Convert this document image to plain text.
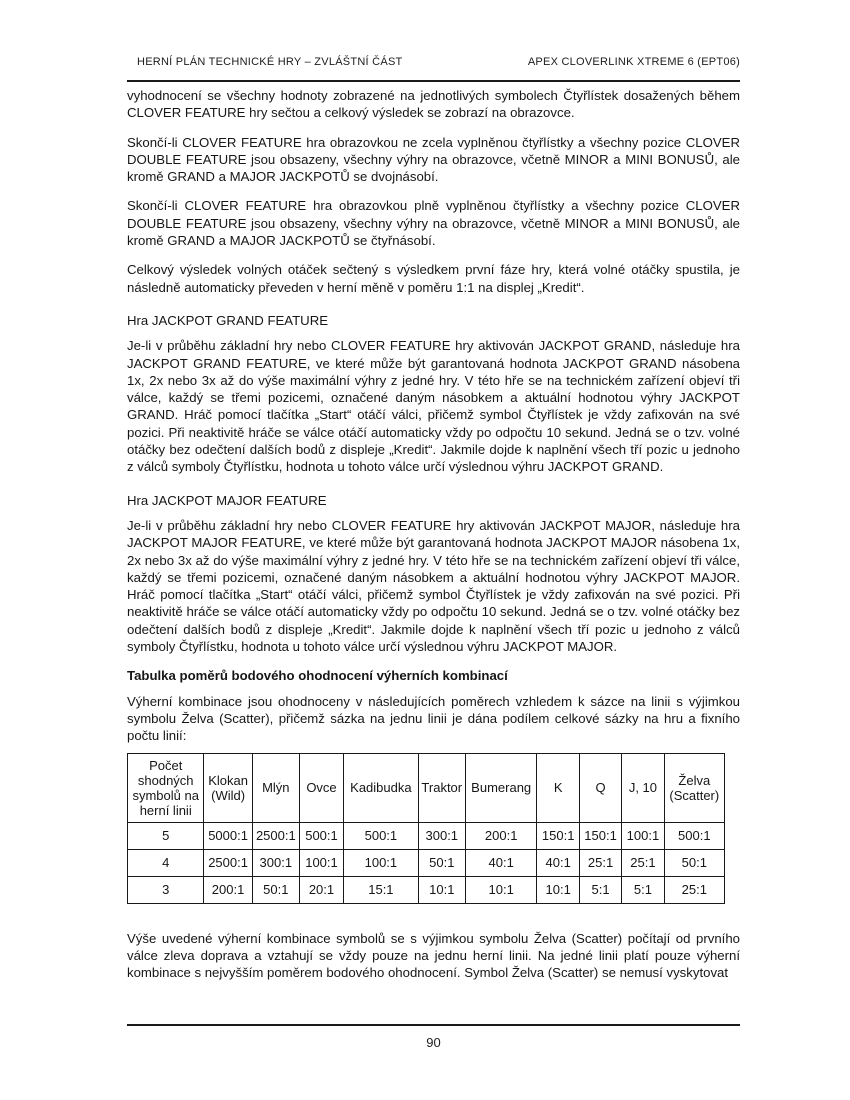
HERNÍ PLÁN TECHNICKÉ HRY – ZVLÁŠTNÍ ČÁST	APEX CLOVERLINK XTREME 6 (EPT06)

vyhodnocení se všechny hodnoty zobrazené na jednotlivých symbolech Čtyřlístek dosažených během CLOVER FEATURE hry sečtou a celkový výsledek se zobrazí na obrazovce.

Skončí-li CLOVER FEATURE hra obrazovkou ne zcela vyplněnou čtyřlístky a všechny pozice CLOVER DOUBLE FEATURE jsou obsazeny, všechny výhry na obrazovce, včetně MINOR a MINI BONUSŮ, ale kromě GRAND a MAJOR JACKPOTŮ se dvojnásobí.

Skončí-li CLOVER FEATURE hra obrazovkou plně vyplněnou čtyřlístky a všechny pozice CLOVER DOUBLE FEATURE jsou obsazeny, všechny výhry na obrazovce, včetně MINOR a MINI BONUSŮ, ale kromě GRAND a MAJOR JACKPOTŮ se čtyřnásobí.

Celkový výsledek volných otáček sečtený s výsledkem první fáze hry, která volné otáčky spustila, je následně automaticky převeden v herní měně v poměru 1:1 na displej „Kredit“.

Hra JACKPOT GRAND FEATURE

Je-li v průběhu základní hry nebo CLOVER FEATURE hry aktivován JACKPOT GRAND, následuje hra JACKPOT GRAND FEATURE, ve které může být garantovaná hodnota JACKPOT GRAND násobena 1x, 2x nebo 3x až do výše maximální výhry z jedné hry. V této hře se na technickém zařízení objeví tři válce, každý se třemi pozicemi, označené daným násobkem a aktuální hodnotou výhry JACKPOT GRAND. Hráč pomocí tlačítka „Start“ otáčí válci, přičemž symbol Čtyřlístek je vždy zafixován na své pozici. Při neaktivitě hráče se válce otáčí automaticky vždy po odpočtu 10 sekund. Jedná se o tzv. volné otáčky bez odečtení dalších bodů z displeje „Kredit“. Jakmile dojde k naplnění všech tří pozic u jednoho z válců symboly Čtyřlístku, hodnota u tohoto válce určí výslednou výhru JACKPOT GRAND.

Hra JACKPOT MAJOR FEATURE

Je-li v průběhu základní hry nebo CLOVER FEATURE hry aktivován JACKPOT MAJOR, následuje hra JACKPOT MAJOR FEATURE, ve které může být garantovaná hodnota JACKPOT MAJOR násobena 1x, 2x nebo 3x až do výše maximální výhry z jedné hry. V této hře se na technickém zařízení objeví tři válce, každý se třemi pozicemi, označené daným násobkem a aktuální hodnotou výhry JACKPOT MAJOR. Hráč pomocí tlačítka „Start“ otáčí válci, přičemž symbol Čtyřlístek je vždy zafixován na své pozici. Při neaktivitě hráče se válce otáčí automaticky vždy po odpočtu 10 sekund. Jedná se o tzv. volné otáčky bez odečtení dalších bodů z displeje „Kredit“. Jakmile dojde k naplnění všech tří pozic u jednoho z válců symboly Čtyřlístku, hodnota u tohoto válce určí výslednou výhru JACKPOT MAJOR.

Tabulka poměrů bodového ohodnocení výherních kombinací

Výherní kombinace jsou ohodnoceny v následujících poměrech vzhledem k sázce na linii s výjimkou symbolu Želva (Scatter), přičemž sázka na jednu linii je dána podílem celkové sázky na hru a fixního počtu linií:

Počet shodných symbolů na herní linii	Klokan (Wild)	Mlýn	Ovce	Kadibudka	Traktor	Bumerang	K	Q	J, 10	Želva (Scatter)
5	5000:1	2500:1	500:1	500:1	300:1	200:1	150:1	150:1	100:1	500:1
4	2500:1	300:1	100:1	100:1	50:1	40:1	40:1	25:1	25:1	50:1
3	200:1	50:1	20:1	15:1	10:1	10:1	10:1	5:1	5:1	25:1

Výše uvedené výherní kombinace symbolů se s výjimkou symbolu Želva (Scatter) počítají od prvního válce zleva doprava a vztahují se vždy pouze na jednu herní linii. Na jedné linii platí pouze výherní kombinace s nejvyšším poměrem bodového ohodnocení. Symbol Želva (Scatter) se nemusí vyskytovat

90
